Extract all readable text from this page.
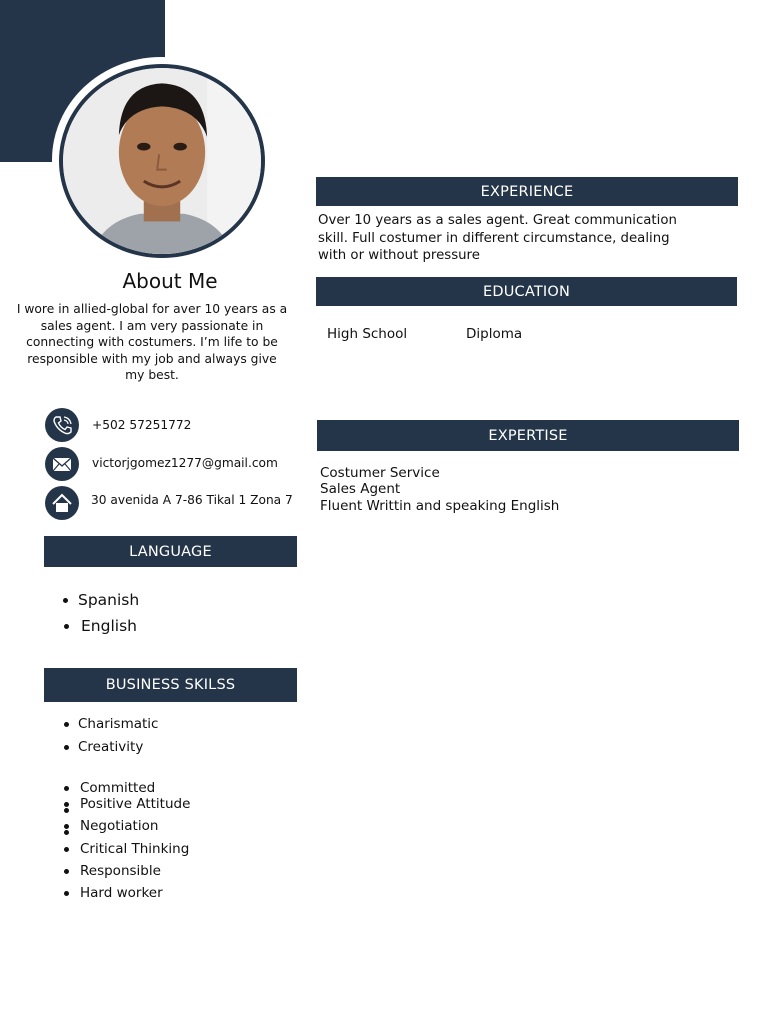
About Me
I wore in allied-global for aver 10 years as a sales agent. I am very passionate in connecting with costumers. I’m life to be responsible with my job and always give my best.
+502 57251772
victorjgomez1277@gmail.com
30 avenida A 7-86 Tikal 1 Zona 7
LANGUAGE
Spanish
English
BUSINESS SKILSS
Charismatic
Creativity
Committed
Positive Attitude
Negotiation
Critical Thinking
Responsible
Hard worker
EXPERIENCE
Over 10 years as a sales agent. Great communication
skill. Full costumer in different circumstance, dealing
with or without pressure
EDUCATION
High School	Diploma
EXPERTISE
Costumer Service
Sales Agent
Fluent Writtin and speaking English
